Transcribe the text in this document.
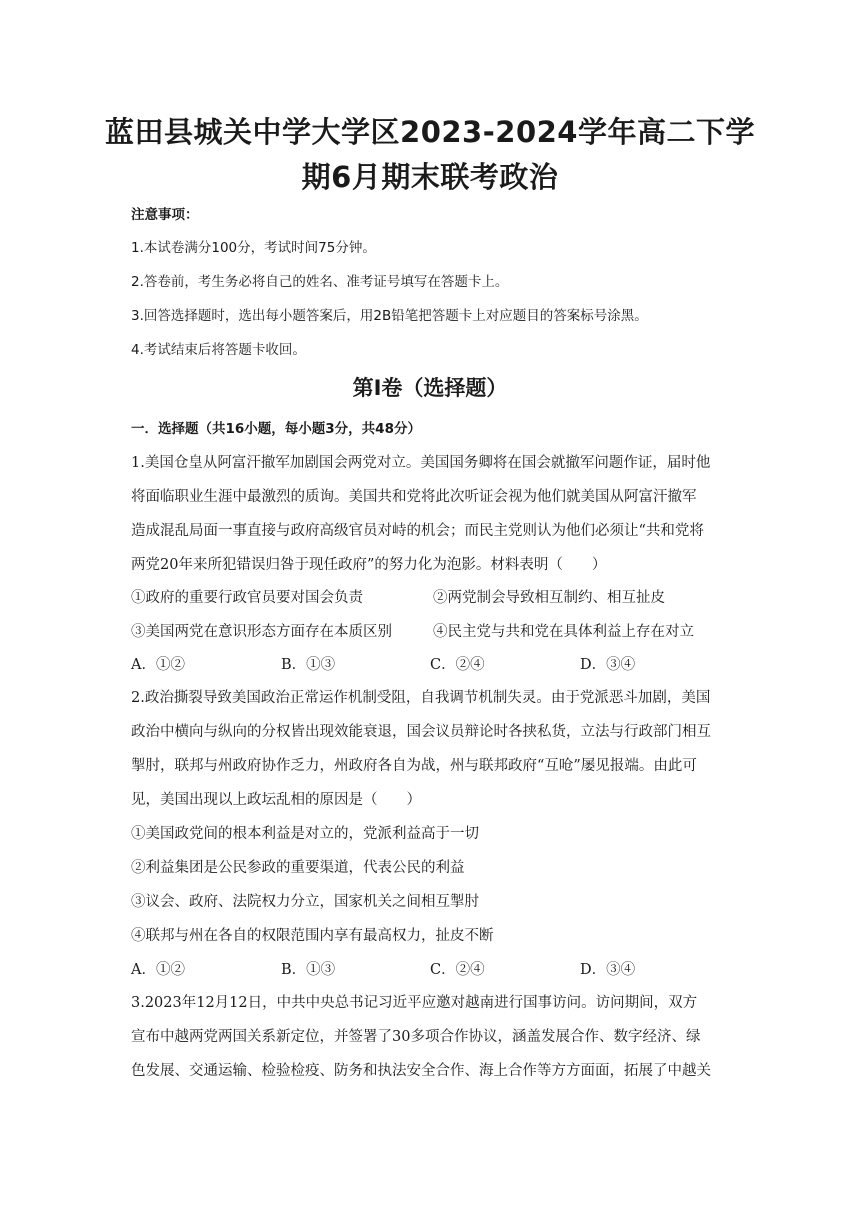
蓝田县城关中学大学区2023-2024学年高二下学
期6月期末联考政治

注意事项：

1.本试卷满分100分，考试时间75分钟。

2.答卷前，考生务必将自己的姓名、准考证号填写在答题卡上。

3.回答选择题时，选出每小题答案后，用2B铅笔把答题卡上对应题目的答案标号涂黑。

4.考试结束后将答题卡收回。

第I卷（选择题）

一．选择题（共16小题，每小题3分，共48分）

1.美国仓皇从阿富汗撤军加剧国会两党对立。美国国务卿将在国会就撤军问题作证，届时他

将面临职业生涯中最激烈的质询。美国共和党将此次听证会视为他们就美国从阿富汗撤军

造成混乱局面一事直接与政府高级官员对峙的机会；而民主党则认为他们必须让“共和党将

两党20年来所犯错误归咎于现任政府”的努力化为泡影。材料表明（　　）

①政府的重要行政官员要对国会负责	②两党制会导致相互制约、相互扯皮
③美国两党在意识形态方面存在本质区别	④民主党与共和党在具体利益上存在对立
A．①②	B．①③	C．②④	D．③④

2.政治撕裂导致美国政治正常运作机制受阻，自我调节机制失灵。由于党派恶斗加剧，美国

政治中横向与纵向的分权皆出现效能衰退，国会议员辩论时各挟私货，立法与行政部门相互

掣肘，联邦与州政府协作乏力，州政府各自为战，州与联邦政府“互呛”屡见报端。由此可

见，美国出现以上政坛乱相的原因是（　　）

①美国政党间的根本利益是对立的，党派利益高于一切

②利益集团是公民参政的重要渠道，代表公民的利益

③议会、政府、法院权力分立，国家机关之间相互掣肘

④联邦与州在各自的权限范围内享有最高权力，扯皮不断

A．①②	B．①③	C．②④	D．③④

3.2023年12月12日，中共中央总书记习近平应邀对越南进行国事访问。访问期间，双方

宣布中越两党两国关系新定位，并签署了30多项合作协议，涵盖发展合作、数字经济、绿

色发展、交通运输、检验检疫、防务和执法安全合作、海上合作等方方面面，拓展了中越关
